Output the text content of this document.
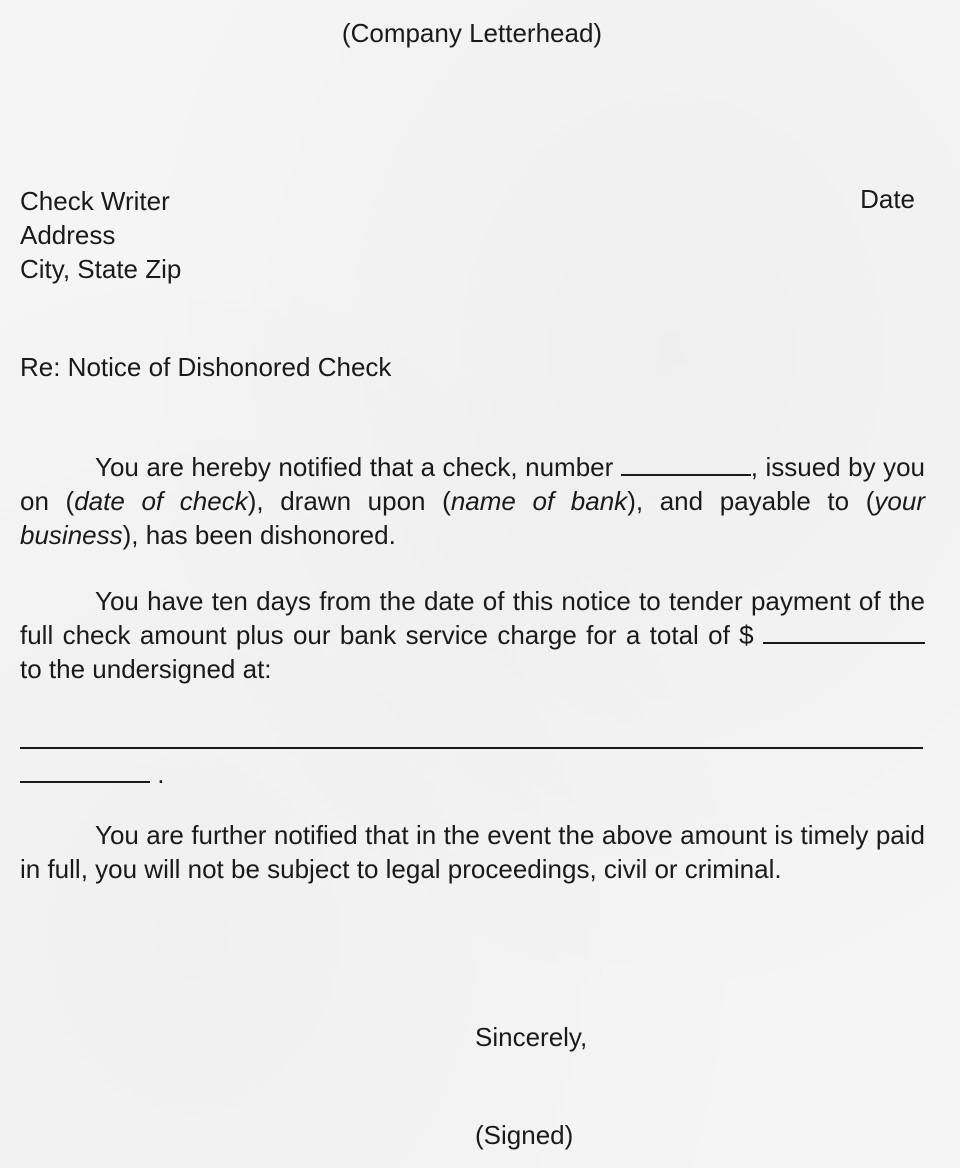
(Company Letterhead)

Date

Check Writer

Address

City, State Zip

Re: Notice of Dishonored Check

You are hereby notified that a check, number	, issued by you on (date of check), drawn upon (name of bank), and payable to (your business), has been dishonored.

You have ten days from the date of this notice to tender payment of the full check amount plus our bank service charge for a total of $  to the undersigned at:

.

You are further notified that in the event the above amount is timely paid in full, you will not be subject to legal proceedings, civil or criminal.

Sincerely,

(Signed)
